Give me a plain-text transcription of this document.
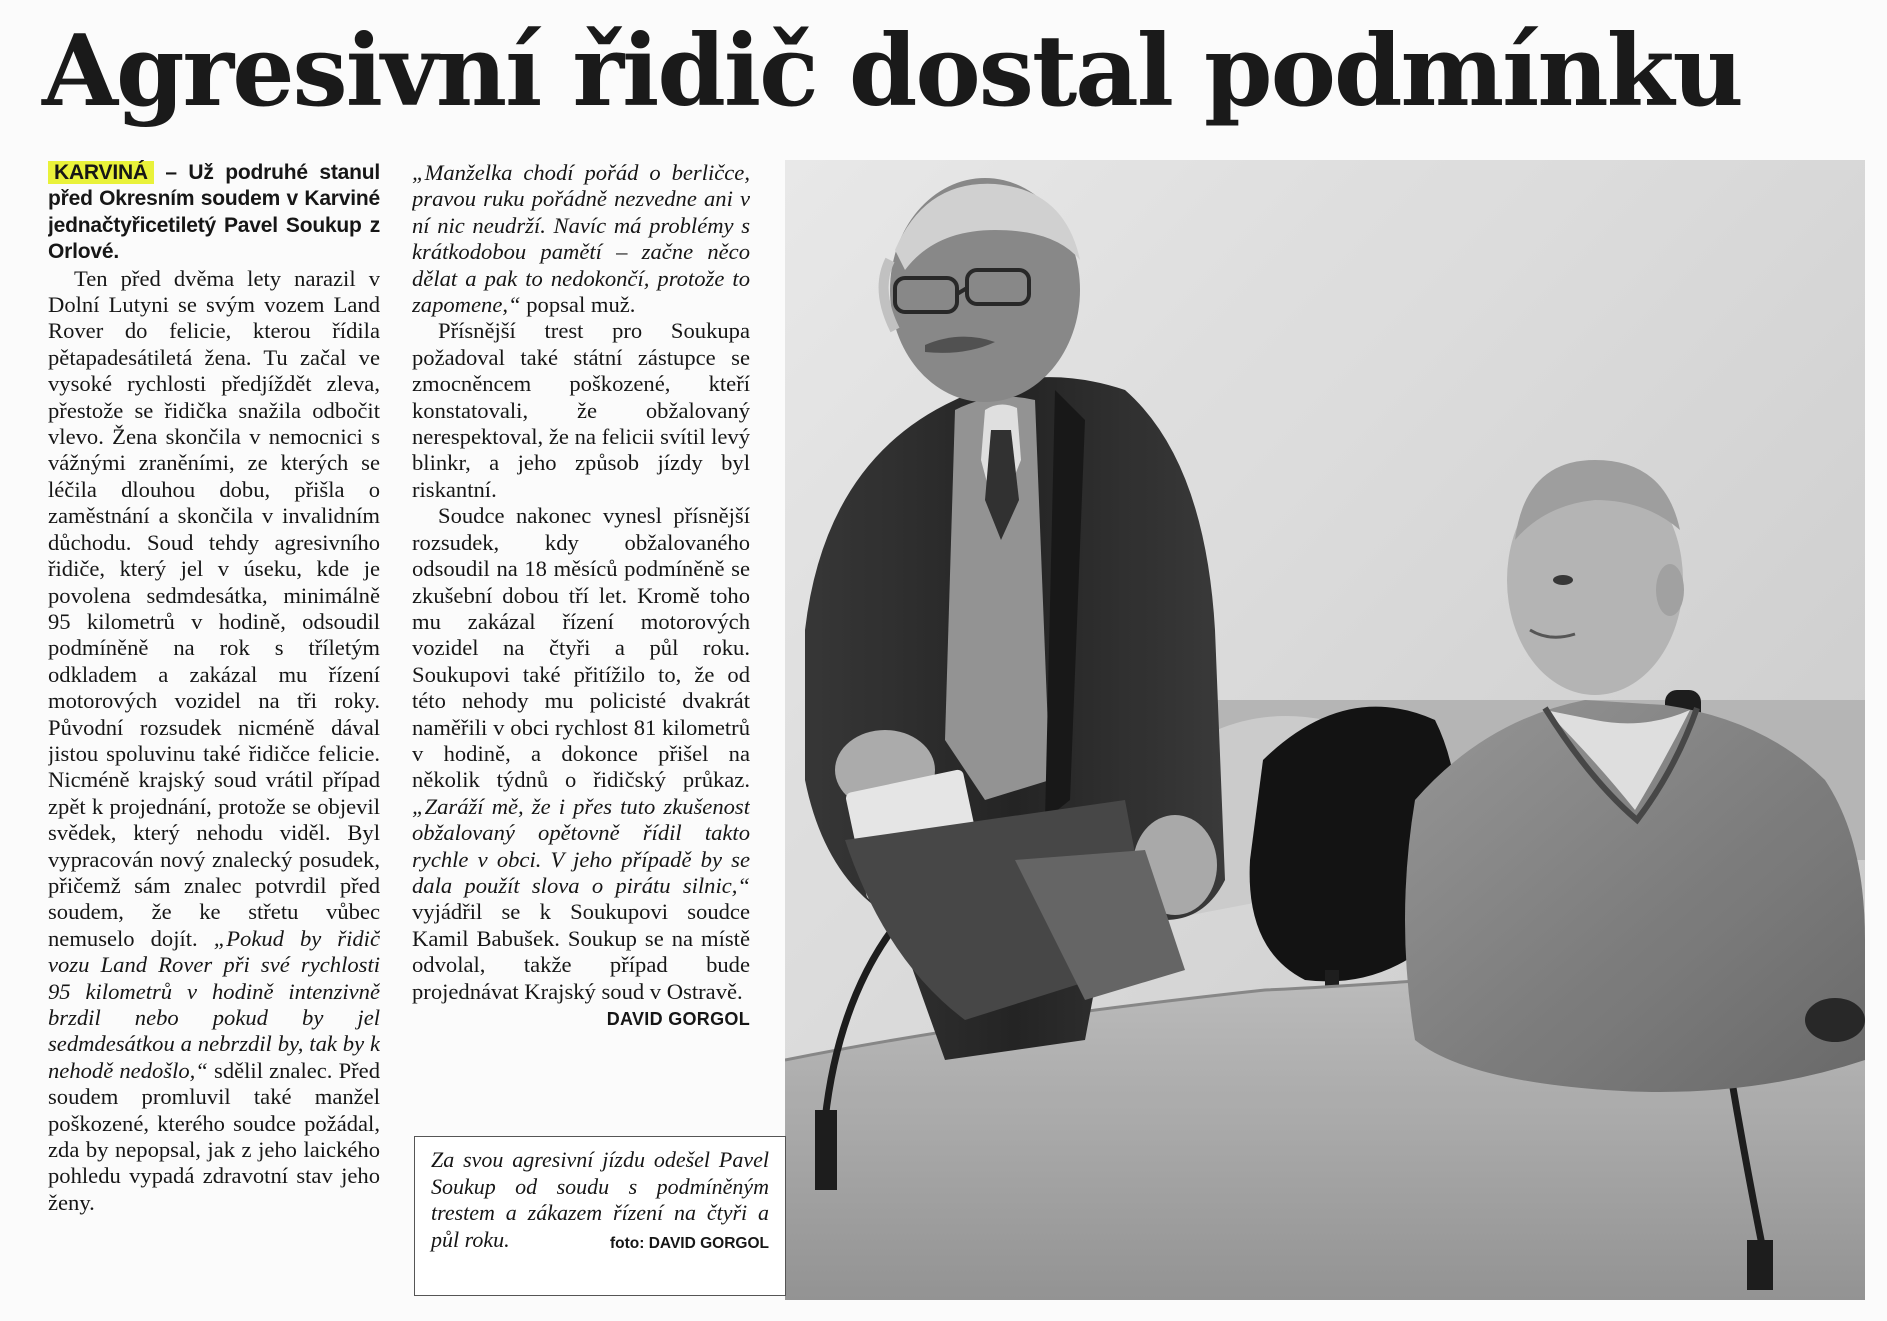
Agresivní řidič dostal podmínku

KARVINÁ – Už podruhé stanul před Okresním soudem v Karviné jednačtyřicetiletý Pavel Soukup z Orlové.

Ten před dvěma lety narazil v Dolní Lutyni se svým vozem Land Rover do felicie, kterou řídila pětapadesátiletá žena. Tu začal ve vysoké rychlosti předjíždět zleva, přestože se řidička snažila odbočit vlevo. Žena skončila v nemocnici s vážnými zraněními, ze kterých se léčila dlouhou dobu, přišla o zaměstnání a skončila v invalidním důchodu. Soud tehdy agresivního řidiče, který jel v úseku, kde je povolena sedmdesátka, minimálně 95 kilometrů v hodině, odsoudil podmíněně na rok s tříletým odkladem a zakázal mu řízení motorových vozidel na tři roky. Původní rozsudek nicméně dával jistou spoluvinu také řidičce felicie. Nicméně krajský soud vrátil případ zpět k projednání, protože se objevil svědek, který nehodu viděl. Byl vypracován nový znalecký posudek, přičemž sám znalec potvrdil před soudem, že ke střetu vůbec nemuselo dojít. „Pokud by řidič vozu Land Rover při své rychlosti 95 kilometrů v hodině intenzivně brzdil nebo pokud by jel sedmdesátkou a nebrzdil by, tak by k nehodě nedošlo,“ sdělil znalec. Před soudem promluvil také manžel poškozené, kterého soudce požádal, zda by nepopsal, jak z jeho laického pohledu vypadá zdravotní stav jeho ženy.

„Manželka chodí pořád o berličce, pravou ruku pořádně nezvedne ani v ní nic neudrží. Navíc má problémy s krátkodobou pamětí – začne něco dělat a pak to nedokončí, protože to zapomene,“ popsal muž.

Přísnější trest pro Soukupa požadoval také státní zástupce se zmocněncem poškozené, kteří konstatovali, že obžalovaný nerespektoval, že na felicii svítil levý blinkr, a jeho způsob jízdy byl riskantní.

Soudce nakonec vynesl přísnější rozsudek, kdy obžalovaného odsoudil na 18 měsíců podmíněně se zkušební dobou tří let. Kromě toho mu zakázal řízení motorových vozidel na čtyři a půl roku. Soukupovi také přitížilo to, že od této nehody mu policisté dvakrát naměřili v obci rychlost 81 kilometrů v hodině, a dokonce přišel na několik týdnů o řidičský průkaz. „Zaráží mě, že i přes tuto zkušenost obžalovaný opětovně řídil takto rychle v obci. V jeho případě by se dala použít slova o pirátu silnic,“ vyjádřil se k Soukupovi soudce Kamil Babušek. Soukup se na místě odvolal, takže případ bude projednávat Krajský soud v Ostravě.
DAVID GORGOL

Za svou agresivní jízdu odešel Pavel Soukup od soudu s podmíněným trestem a zákazem řízení na čtyři a půl roku.	foto: DAVID GORGOL
